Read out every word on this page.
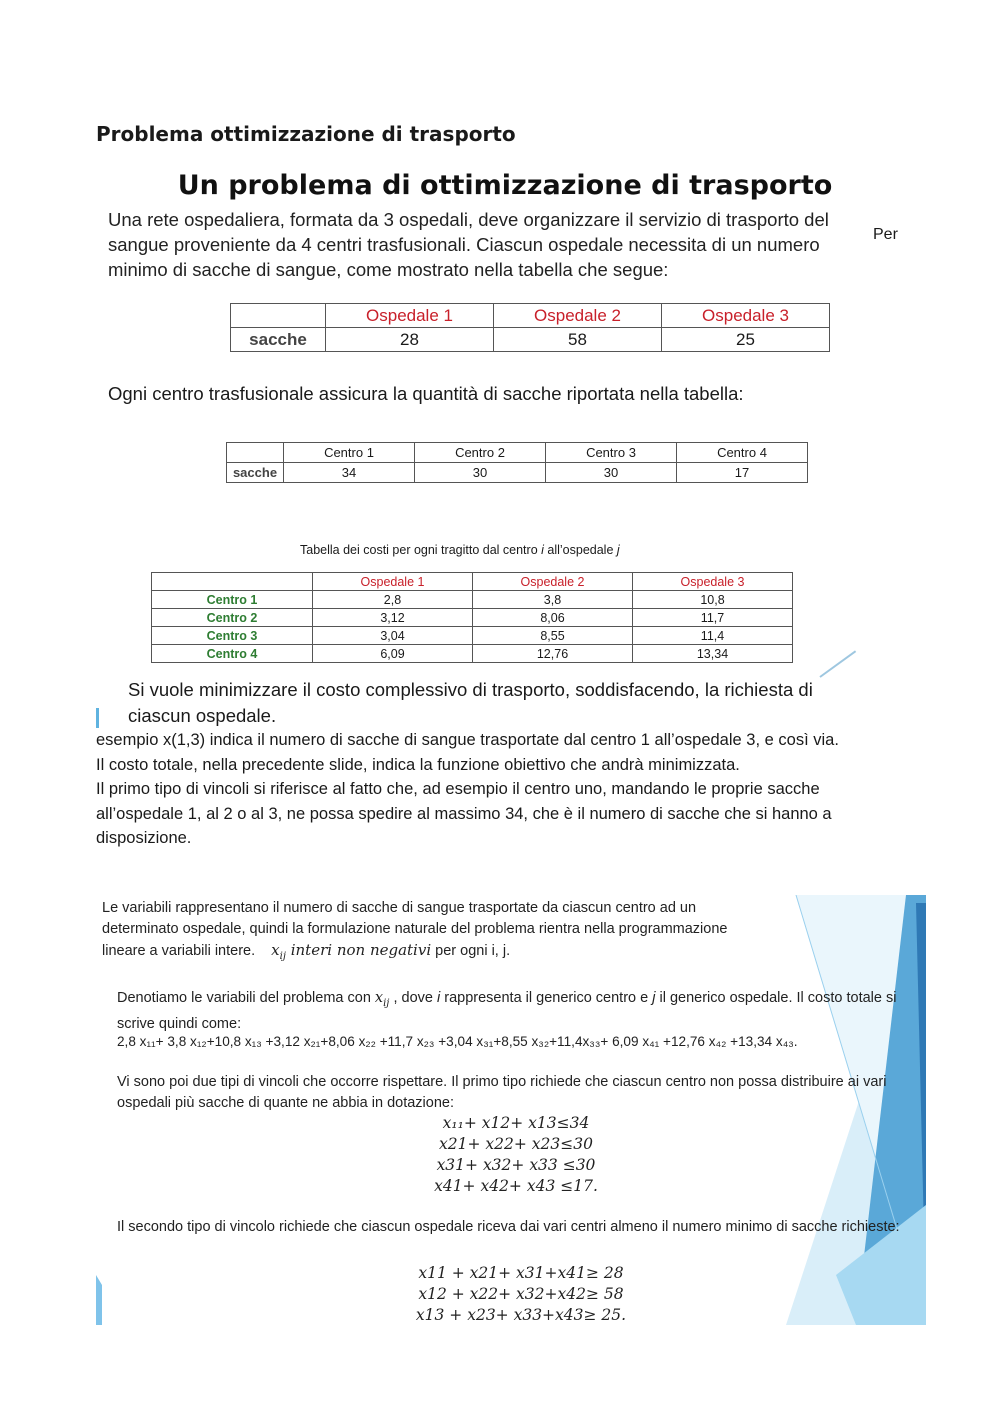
Problema ottimizzazione di trasporto
Un problema di ottimizzazione di trasporto
Una rete ospedaliera, formata da 3 ospedali, deve organizzare il servizio di trasporto del sangue proveniente da 4 centri trasfusionali. Ciascun ospedale necessita di un numero minimo di sacche di sangue, come mostrato nella tabella che segue:
Per
	Ospedale 1	Ospedale 2	Ospedale 3
sacche	28	58	25
Ogni centro trasfusionale assicura la quantità di sacche riportata nella tabella:
	Centro 1	Centro 2	Centro 3	Centro 4
sacche	34	30	30	17
Tabella dei costi per ogni tragitto dal centro i all’ospedale j
	Ospedale 1	Ospedale 2	Ospedale 3
Centro 1	2,8	3,8	10,8
Centro 2	3,12	8,06	11,7
Centro 3	3,04	8,55	11,4
Centro 4	6,09	12,76	13,34
Si vuole minimizzare il costo complessivo di trasporto, soddisfacendo, la richiesta di ciascun ospedale.
esempio x(1,3) indica il numero di sacche di sangue trasportate dal centro 1 all’ospedale 3, e così via.
Il costo totale, nella precedente slide, indica la funzione obiettivo che andrà minimizzata.
Il primo tipo di vincoli si riferisce al fatto che, ad esempio il centro uno, mandando le proprie sacche all’ospedale 1, al 2 o al 3, ne possa spedire al massimo 34, che è il numero di sacche che si hanno a disposizione.
Le variabili rappresentano il numero di sacche di sangue trasportate da ciascun centro ad un determinato ospedale, quindi la formulazione naturale del problema rientra nella programmazione lineare a variabili intere. $x_{ij}$ interi non negativi per ogni i, j.
Denotiamo le variabili del problema con $x_{ij}$ , dove i rappresenta il generico centro e j il generico ospedale. Il costo totale si scrive quindi come:
2,8 x₁₁+ 3,8 x₁₂+10,8 x₁₃ +3,12 x₂₁+8,06 x₂₂ +11,7 x₂₃ +3,04 x₃₁+8,55 x₃₂+11,4x₃₃+ 6,09 x₄₁ +12,76 x₄₂ +13,34 x₄₃.
Vi sono poi due tipi di vincoli che occorre rispettare. Il primo tipo richiede che ciascun centro non possa distribuire ai vari ospedali più sacche di quante ne abbia in dotazione:
x₁₁+ x12+ x13≤34
x21+ x22+ x23≤30
x31+ x32+ x33 ≤30
x41+ x42+ x43 ≤17.
Il secondo tipo di vincolo richiede che ciascun ospedale riceva dai vari centri almeno il numero minimo di sacche richieste:
x11 + x21+ x31+x41≥ 28
x12 + x22+ x32+x42≥ 58
x13 + x23+ x33+x43≥ 25.
